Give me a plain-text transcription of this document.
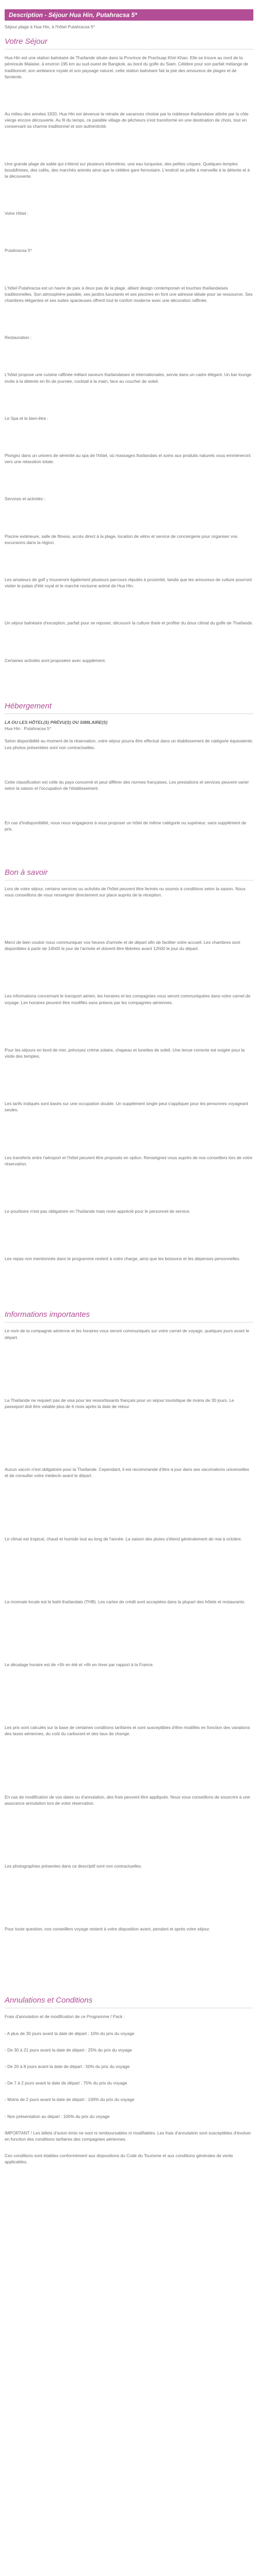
Description - Séjour Hua Hin, Putahracsa 5*

Séjour plage à Hua Hin, à l'hôtel Putahracsa 5*

Votre Séjour

Hua Hin est une station balnéaire de Thaïlande située dans la Province de Prachuap Khiri Khan. Elle se trouve au nord de la péninsule Malaise, à environ 195 km au sud-ouest de Bangkok, au bord du golfe du Siam. Célèbre pour son parfait mélange de traditionnel, son ambiance royale et son paysage naturel, cette station balnéaire fait la joie des amoureux de plages et de farniente.

Au milieu des années 1920, Hua Hin est devenue la retraite de vacances choisie par la noblesse thaïlandaise attirée par la côte vierge encore découverte. Au fil du temps, ce paisible village de pêcheurs s'est transformé en une destination de choix, tout en conservant sa charme traditionnel et son authenticité.

Une grande plage de sable qui s'étend sur plusieurs kilomètres, une eau turquoise, des petites criques. Quelques temples bouddhistes, des cafés, des marchés animés ainsi que la célèbre gare ferroviaire. L'endroit se prête à merveille à la détente et à la découverte.

Votre Hôtel :

Putahracsa 5*

L'hôtel Putahracsa est un havre de paix à deux pas de la plage, alliant design contemporain et touches thaïlandaises traditionnelles. Son atmosphère paisible, ses jardins luxuriants et ses piscines en font une adresse idéale pour se ressourcer. Ses chambres élégantes et ses suites spacieuses offrent tout le confort moderne avec une décoration raffinée.

Restauration :

L'hôtel propose une cuisine raffinée mêlant saveurs thaïlandaises et internationales, servie dans un cadre élégant. Un bar lounge invite à la détente en fin de journée, cocktail à la main, face au coucher de soleil.

Le Spa et le bien-être :

Plongez dans un univers de sérénité au spa de l'hôtel, où massages thaïlandais et soins aux produits naturels vous emmèneront vers une relaxation totale.

Services et activités :

Piscine extérieure, salle de fitness, accès direct à la plage, location de vélos et service de conciergerie pour organiser vos excursions dans la région.

Les amateurs de golf y trouveront également plusieurs parcours réputés à proximité, tandis que les amoureux de culture pourront visiter le palais d'été royal et le marché nocturne animé de Hua Hin.

Un séjour balnéaire d'exception, parfait pour se reposer, découvrir la culture thaïe et profiter du doux climat du golfe de Thaïlande.

Certaines activités sont proposées avec supplément.

Hébergement

LA OU LES HÔTEL(S) PRÉVU(S) OU SIMILAIRE(S)

Hua Hin : Putahracsa 5*

Selon disponibilité au moment de la réservation, votre séjour pourra être effectué dans un établissement de catégorie équivalente. Les photos présentées sont non contractuelles.

Cette classification est celle du pays concerné et peut différer des normes françaises. Les prestations et services peuvent varier selon la saison et l'occupation de l'établissement.

En cas d'indisponibilité, nous nous engageons à vous proposer un hôtel de même catégorie ou supérieur, sans supplément de prix.

Bon à savoir

Lors de votre séjour, certains services ou activités de l'hôtel peuvent être fermés ou soumis à conditions selon la saison. Nous vous conseillons de vous renseigner directement sur place auprès de la réception.

Merci de bien vouloir nous communiquer vos heures d'arrivée et de départ afin de faciliter votre accueil. Les chambres sont disponibles à partir de 14h00 le jour de l'arrivée et doivent être libérées avant 12h00 le jour du départ.

Les informations concernant le transport aérien, les horaires et les compagnies vous seront communiquées dans votre carnet de voyage. Les horaires peuvent être modifiés sans préavis par les compagnies aériennes.

Pour les séjours en bord de mer, prévoyez crème solaire, chapeau et lunettes de soleil. Une tenue correcte est exigée pour la visite des temples.

Les tarifs indiqués sont basés sur une occupation double. Un supplément single peut s'appliquer pour les personnes voyageant seules.

Les transferts entre l'aéroport et l'hôtel peuvent être proposés en option. Renseignez-vous auprès de nos conseillers lors de votre réservation.

Le pourboire n'est pas obligatoire en Thaïlande mais reste apprécié pour le personnel de service.

Les repas non mentionnés dans le programme restent à votre charge, ainsi que les boissons et les dépenses personnelles.

Informations importantes

Le nom de la compagnie aérienne et les horaires vous seront communiqués sur votre carnet de voyage, quelques jours avant le départ.

La Thaïlande ne requiert pas de visa pour les ressortissants français pour un séjour touristique de moins de 30 jours. Le passeport doit être valable plus de 6 mois après la date de retour.

Aucun vaccin n'est obligatoire pour la Thaïlande. Cependant, il est recommandé d'être à jour dans ses vaccinations universelles et de consulter votre médecin avant le départ.

Le climat est tropical, chaud et humide tout au long de l'année. La saison des pluies s'étend généralement de mai à octobre.

La monnaie locale est le baht thaïlandais (THB). Les cartes de crédit sont acceptées dans la plupart des hôtels et restaurants.

Le décalage horaire est de +5h en été et +6h en hiver par rapport à la France.

Les prix sont calculés sur la base de certaines conditions tarifaires et sont susceptibles d'être modifiés en fonction des variations des taxes aériennes, du coût du carburant et des taux de change.

En cas de modification de vos dates ou d'annulation, des frais peuvent être appliqués. Nous vous conseillons de souscrire à une assurance annulation lors de votre réservation.

Les photographies présentes dans ce descriptif sont non contractuelles.

Pour toute question, nos conseillers voyage restent à votre disposition avant, pendant et après votre séjour.

Annulations et Conditions

Frais d'annulation et de modification de ce Programme / Pack :

- A plus de 30 jours avant la date de départ : 10% du prix du voyage

- De 30 à 21 jours avant la date de départ : 25% du prix du voyage

- De 20 à 8 jours avant la date de départ : 50% du prix du voyage

- De 7 à 2 jours avant la date de départ : 75% du prix du voyage

- Moins de 2 jours avant la date de départ : 100% du prix du voyage

- Non présentation au départ : 100% du prix du voyage

IMPORTANT ! Les billets d'avion émis ne sont ni remboursables ni modifiables. Les frais d'annulation sont susceptibles d'évoluer en fonction des conditions tarifaires des compagnies aériennes.

Ces conditions sont établies conformément aux dispositions du Code du Tourisme et aux conditions générales de vente applicables.
